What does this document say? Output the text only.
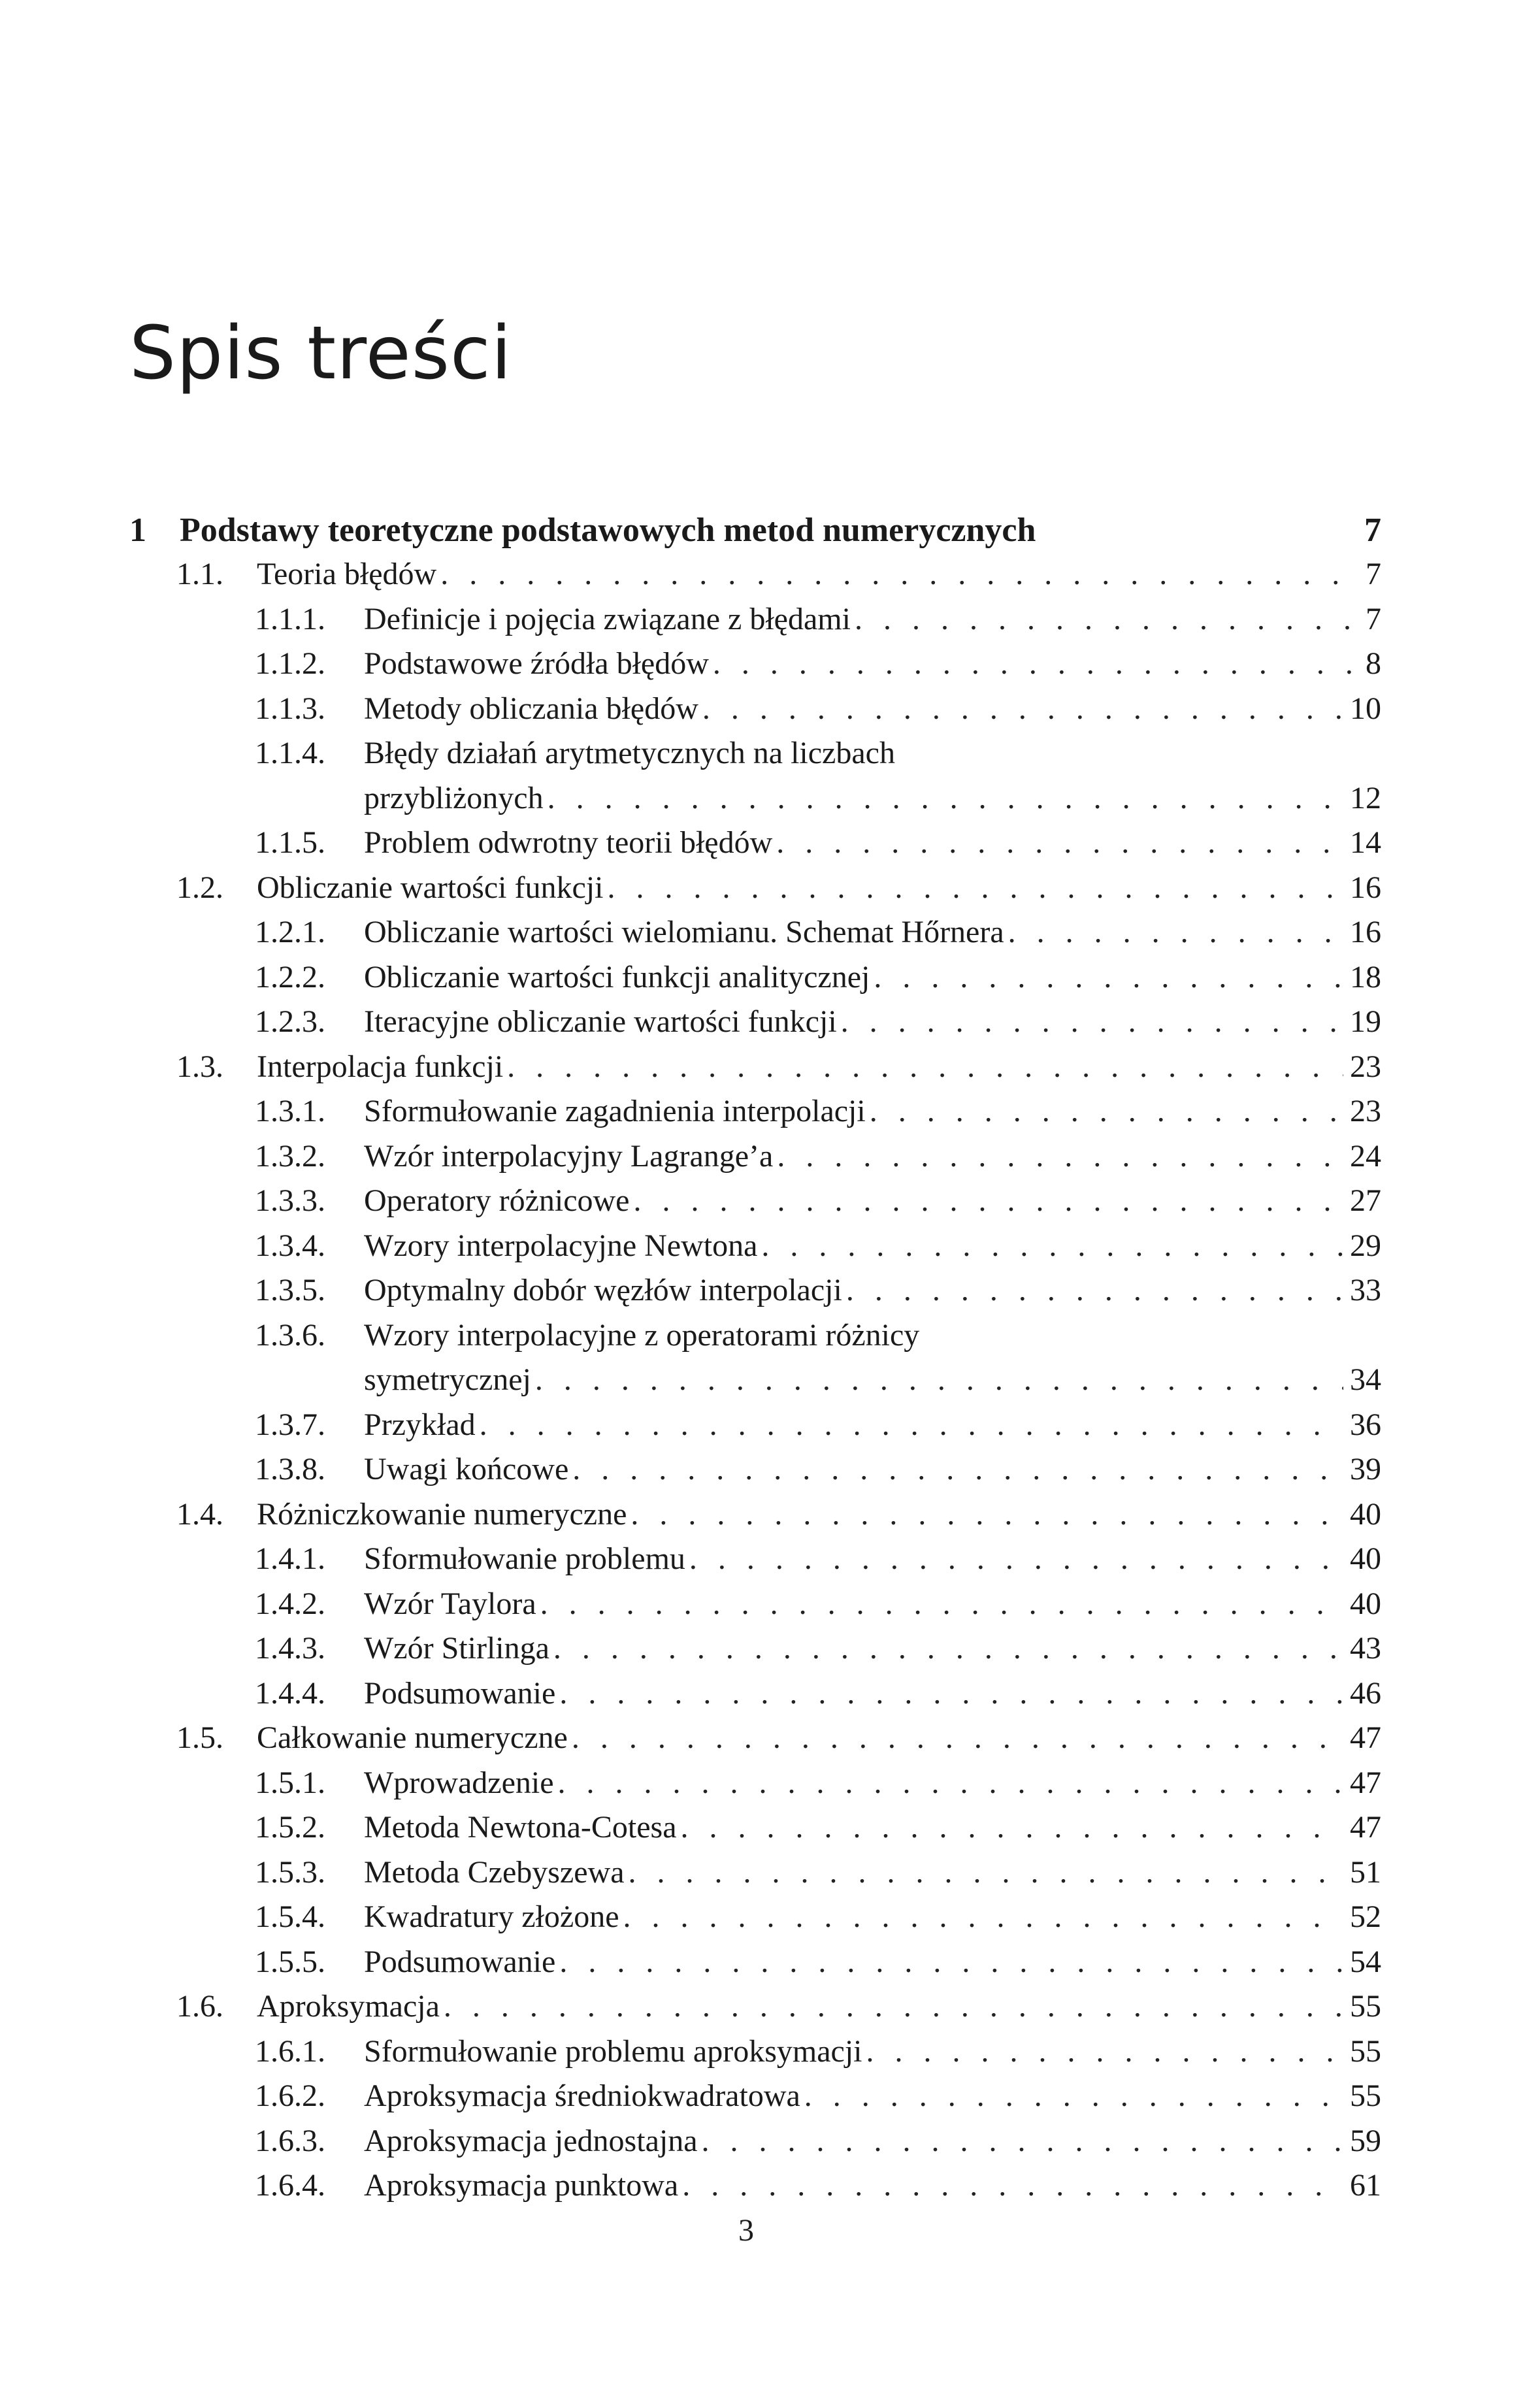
Spis treści
1 Podstawy teoretyczne podstawowych metod numerycznych	7
1.1. Teoria błędów . . .	7
1.1.1. Definicje i pojęcia związane z błędami . . .	7
1.1.2. Podstawowe źródła błędów . . .	8
1.1.3. Metody obliczania błędów . . .	10
1.1.4. Błędy działań arytmetycznych na liczbach
przybliżonych . . .	12
1.1.5. Problem odwrotny teorii błędów . . .	14
1.2. Obliczanie wartości funkcji . . .	16
1.2.1. Obliczanie wartości wielomianu. Schemat Hőrnera . . .	16
1.2.2. Obliczanie wartości funkcji analitycznej . . .	18
1.2.3. Iteracyjne obliczanie wartości funkcji . . .	19
1.3. Interpolacja funkcji . . .	23
1.3.1. Sformułowanie zagadnienia interpolacji . . .	23
1.3.2. Wzór interpolacyjny Lagrange’a . . .	24
1.3.3. Operatory różnicowe . . .	27
1.3.4. Wzory interpolacyjne Newtona . . .	29
1.3.5. Optymalny dobór węzłów interpolacji . . .	33
1.3.6. Wzory interpolacyjne z operatorami różnicy
symetrycznej . . .	34
1.3.7. Przykład . . .	36
1.3.8. Uwagi końcowe . . .	39
1.4. Różniczkowanie numeryczne . . .	40
1.4.1. Sformułowanie problemu . . .	40
1.4.2. Wzór Taylora . . .	40
1.4.3. Wzór Stirlinga . . .	43
1.4.4. Podsumowanie . . .	46
1.5. Całkowanie numeryczne . . .	47
1.5.1. Wprowadzenie . . .	47
1.5.2. Metoda Newtona-Cotesa . . .	47
1.5.3. Metoda Czebyszewa . . .	51
1.5.4. Kwadratury złożone . . .	52
1.5.5. Podsumowanie . . .	54
1.6. Aproksymacja . . .	55
1.6.1. Sformułowanie problemu aproksymacji . . .	55
1.6.2. Aproksymacja średniokwadratowa . . .	55
1.6.3. Aproksymacja jednostajna . . .	59
1.6.4. Aproksymacja punktowa . . .	61
3
